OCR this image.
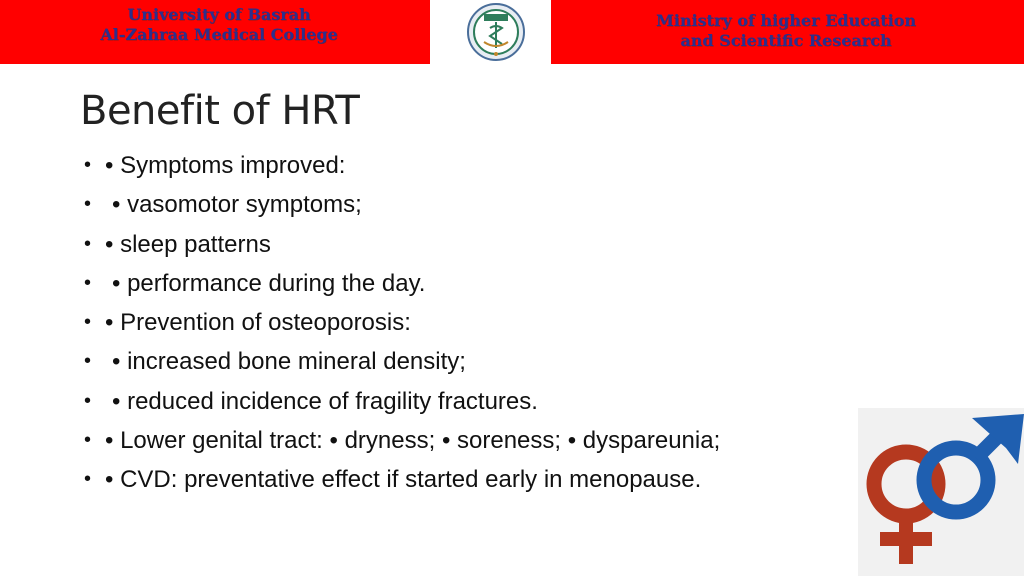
University of Basrah
Al-Zahraa Medical College
Ministry of higher Education
and Scientific Research
Benefit of HRT
• • Symptoms improved:
• • vasomotor symptoms;
• • sleep patterns
• • performance during the day.
• • Prevention of osteoporosis:
• • increased bone mineral density;
• • reduced incidence of fragility fractures.
• • Lower genital tract: • dryness; • soreness; • dyspareunia;
• • CVD: preventative effect if started early in menopause.
